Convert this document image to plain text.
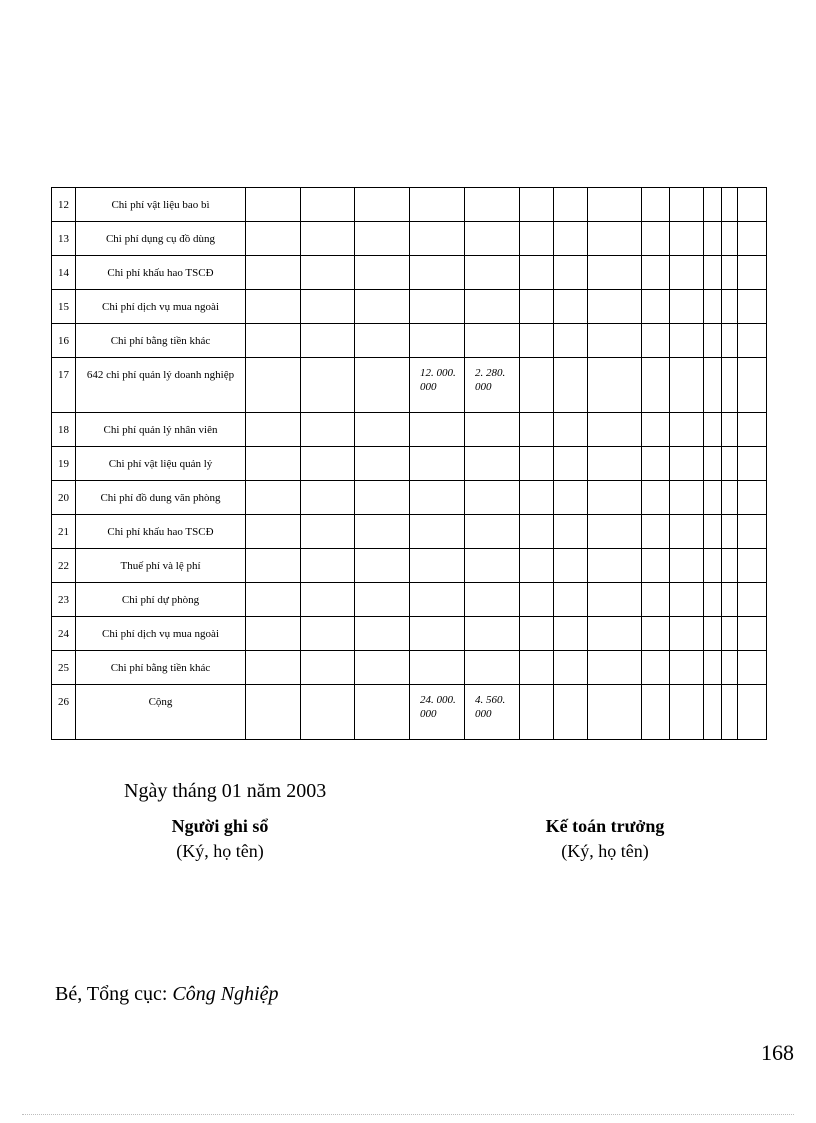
12	Chi phí vật liệu bao bì													
13	Chi phí dụng cụ đồ dùng													
14	Chi phí khấu hao TSCĐ													
15	Chi phí dịch vụ mua ngoài													
16	Chi phí bằng tiền khác													
17	642 chi phí quản lý doanh nghiệp				12. 000. 000	2. 280. 000								
18	Chi phí quản lý nhân viên													
19	Chi phí vật liệu quản lý													
20	Chi phí đồ dung văn phòng													
21	Chi phí khấu hao TSCĐ													
22	Thuế phí và lệ phí													
23	Chi phí dự phòng													
24	Chi phí dịch vụ mua ngoài													
25	Chi phí bằng tiền khác													
26	Cộng				24. 000. 000	4. 560. 000								
Ngày tháng 01 năm 2003
Người ghi sổ
(Ký, họ tên)
Kế toán trưởng
(Ký, họ tên)
Bé, Tổng cục: Công Nghiệp
168
